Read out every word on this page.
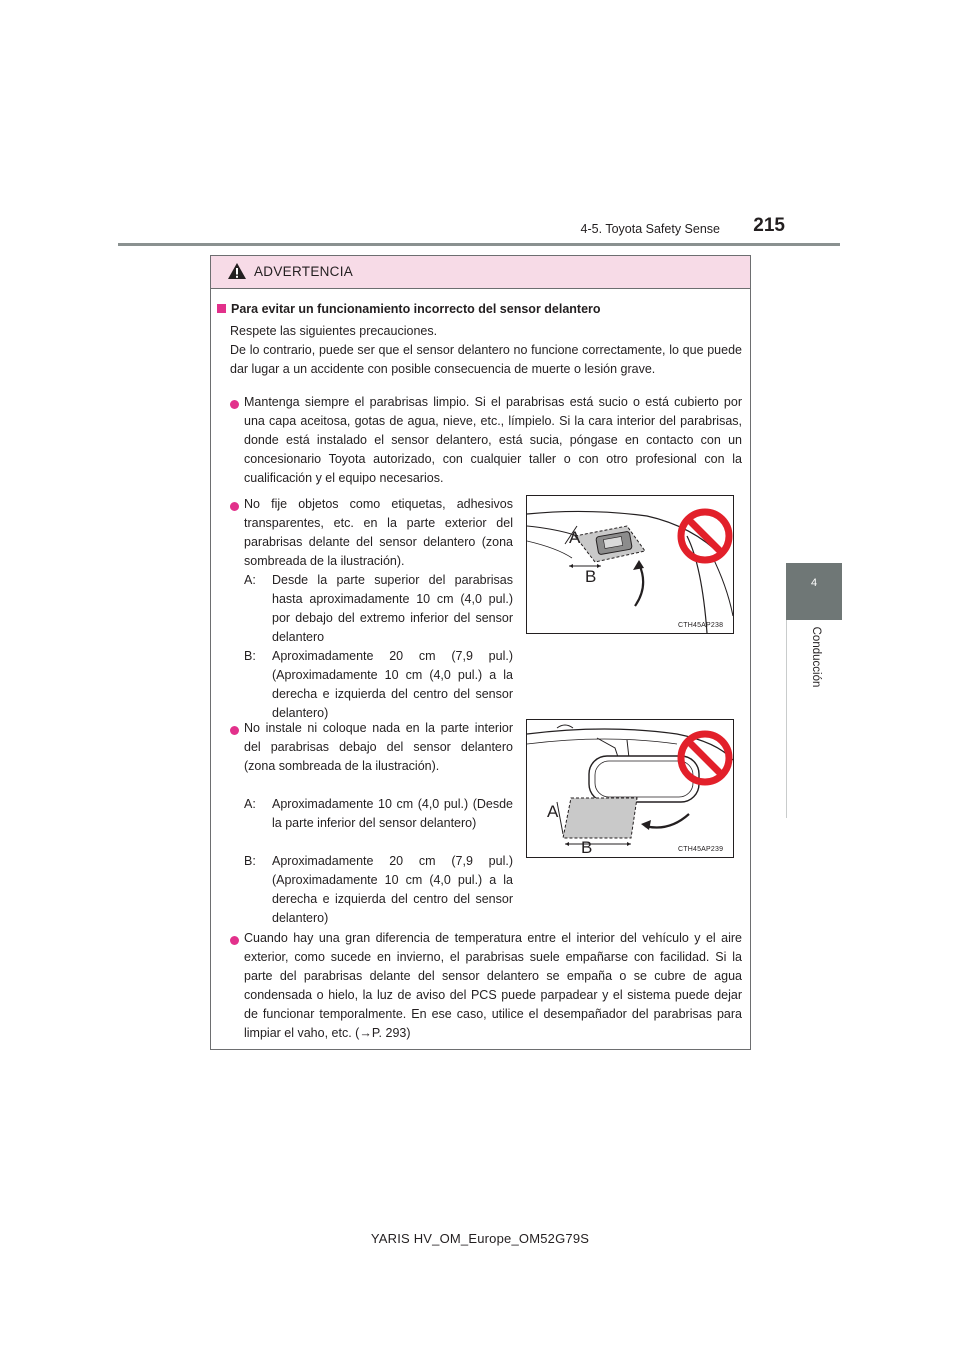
4-5. Toyota Safety Sense	215
4
Conducción
ADVERTENCIA
Para evitar un funcionamiento incorrecto del sensor delantero
Respete las siguientes precauciones.
De lo contrario, puede ser que el sensor delantero no funcione correctamente, lo que puede dar lugar a un accidente con posible consecuencia de muerte o lesión grave.
Mantenga siempre el parabrisas limpio. Si el parabrisas está sucio o está cubierto por una capa aceitosa, gotas de agua, nieve, etc., límpielo. Si la cara interior del parabrisas, donde está instalado el sensor delantero, está sucia, póngase en contacto con un concesionario Toyota autorizado, con cualquier taller o con otro profesional con la cualificación y el equipo necesarios.
No fije objetos como etiquetas, adhesivos transparentes, etc. en la parte exterior del parabrisas delante del sensor delantero (zona sombreada de la ilustración).
A: Desde la parte superior del parabrisas hasta aproximadamente 10 cm (4,0 pul.) por debajo del extremo inferior del sensor delantero
B: Aproximadamente 20 cm (7,9 pul.) (Aproximadamente 10 cm (4,0 pul.) a la derecha e izquierda del centro del sensor delantero)
A
B
CTH45AP238
No instale ni coloque nada en la parte interior del parabrisas debajo del sensor delantero (zona sombreada de la ilustración).
A: Aproximadamente 10 cm (4,0 pul.) (Desde la parte inferior del sensor delantero)
B: Aproximadamente 20 cm (7,9 pul.) (Aproximadamente 10 cm (4,0 pul.) a la derecha e izquierda del centro del sensor delantero)
A
B	CTH45AP239
Cuando hay una gran diferencia de temperatura entre el interior del vehículo y el aire exterior, como sucede en invierno, el parabrisas suele empañarse con facilidad. Si la parte del parabrisas delante del sensor delantero se empaña o se cubre de agua condensada o hielo, la luz de aviso del PCS puede parpadear y el sistema puede dejar de funcionar temporalmente. En ese caso, utilice el desempañador del parabrisas para limpiar el vaho, etc. (→P. 293)
YARIS HV_OM_Europe_OM52G79S
